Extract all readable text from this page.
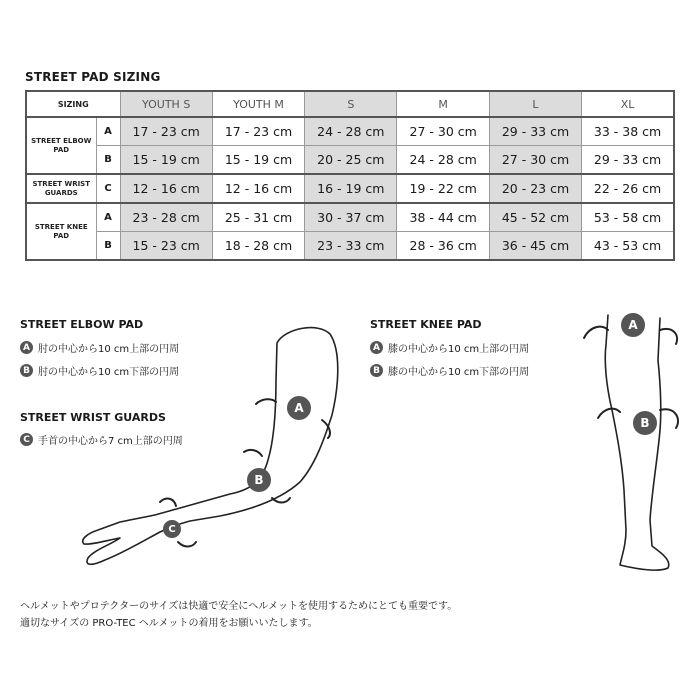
STREET PAD SIZING
SIZING		YOUTH S	YOUTH M	S	M	L	XL
STREET ELBOW PAD	A	17 - 23 cm	17 - 23 cm	24 - 28 cm	27 - 30 cm	29 - 33 cm	33 - 38 cm
	B	15 - 19 cm	15 - 19 cm	20 - 25 cm	24 - 28 cm	27 - 30 cm	29 - 33 cm
STREET WRIST GUARDS	C	12 - 16 cm	12 - 16 cm	16 - 19 cm	19 - 22 cm	20 - 23 cm	22 - 26 cm
STREET KNEE PAD	A	23 - 28 cm	25 - 31 cm	30 - 37 cm	38 - 44 cm	45 - 52 cm	53 - 58 cm
	B	15 - 23 cm	18 - 28 cm	23 - 33 cm	28 - 36 cm	36 - 45 cm	43 - 53 cm
STREET ELBOW PAD
A 肘の中心から10 cm上部の円周
B 肘の中心から10 cm下部の円周
STREET WRIST GUARDS
C 手首の中心から7 cm上部の円周
STREET KNEE PAD
A 膝の中心から10 cm上部の円周
B 膝の中心から10 cm下部の円周
A
B
C
A
B
ヘルメットやプロテクターのサイズは快適で安全にヘルメットを使用するためにとても重要です。
適切なサイズの PRO-TEC ヘルメットの着用をお願いいたします。
